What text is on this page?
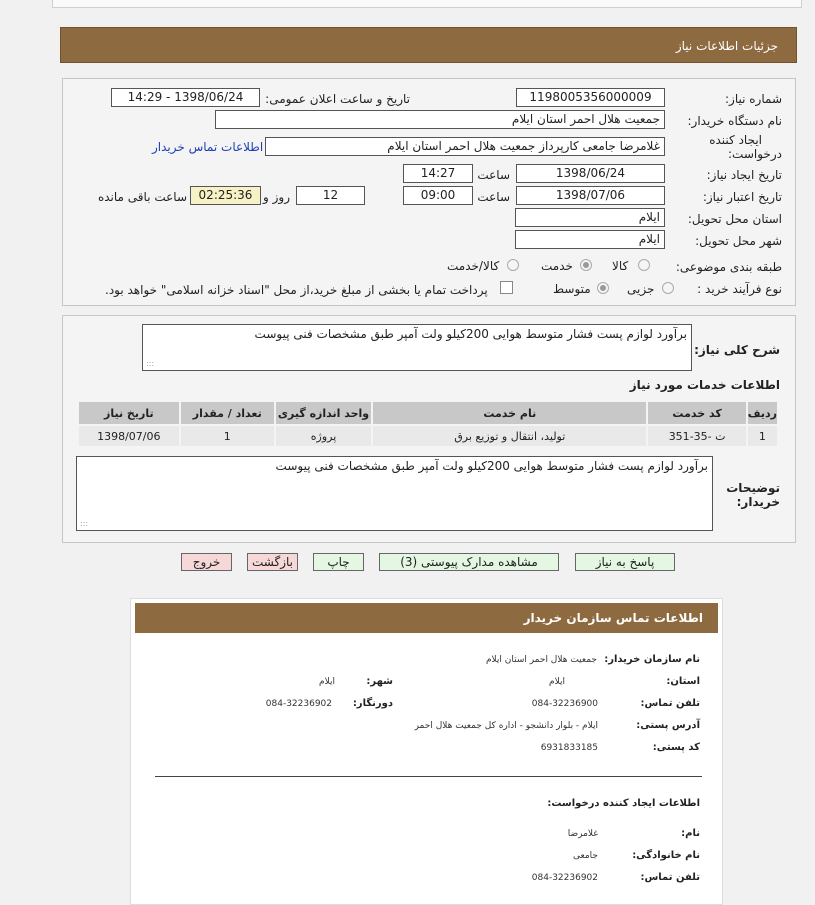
جزئیات اطلاعات نیاز
شماره نیاز:
1198005356000009
تاریخ و ساعت اعلان عمومی:
1398/06/24 - 14:29
نام دستگاه خریدار:
جمعیت هلال احمر استان ایلام
ایجاد کننده
درخواست:
غلامرضا جامعی کارپرداز جمعیت هلال احمر استان ایلام
اطلاعات تماس خریدار
تاریخ ایجاد نیاز:
1398/06/24
ساعت
14:27
تاریخ اعتبار نیاز:
1398/07/06
ساعت
09:00
12
روز و
02:25:36
ساعت باقی مانده
استان محل تحویل:
ایلام
شهر محل تحویل:
ایلام
طبقه بندی موضوعی:
کالا
خدمت
کالا/خدمت
نوع فرآیند خرید :
جزیی
متوسط
پرداخت تمام یا بخشی از مبلغ خرید،از محل "اسناد خزانه اسلامی" خواهد بود.
شرح کلی نیاز:
برآورد لوازم پست فشار متوسط هوایی 200کیلو ولت آمپر طبق مشخصات فنی پیوست
:::
اطلاعات خدمات مورد نیاز
ردیف	کد خدمت	نام خدمت	واحد اندازه گیری	تعداد / مقدار	تاریخ نیاز
1	ت -35-351	تولید، انتقال و توزیع برق	پروژه	1	1398/07/06
توضیحات
خریدار:
برآورد لوازم پست فشار متوسط هوایی 200کیلو ولت آمپر طبق مشخصات فنی پیوست
:::
پاسخ به نیاز
مشاهده مدارک پیوستی (3)
چاپ
بازگشت
خروج
اطلاعات تماس سازمان خریدار
نام سازمان خریدار:
جمعیت هلال احمر استان ایلام
استان:
ایلام
شهر:
ایلام
تلفن تماس:
084-32236900
دورنگار:
084-32236902
آدرس پستی:
ایلام - بلوار دانشجو - اداره کل جمعیت هلال احمر
کد پستی:
6931833185
اطلاعات ایجاد کننده درخواست:
نام:
غلامرضا
نام خانوادگی:
جامعی
تلفن تماس:
084-32236902
